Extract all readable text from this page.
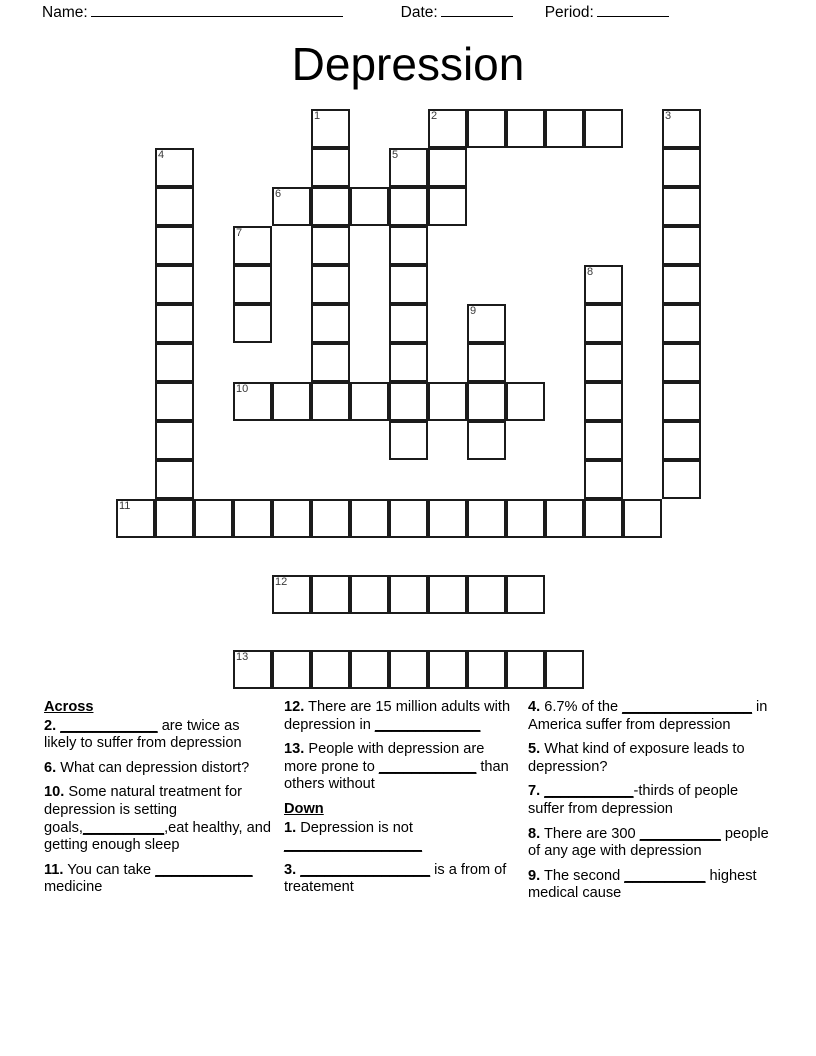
Name:	Date:	Period:
Depression
1	2	3
4	5
6
7
8
9
10
11
12
13
Across
2. ____________ are twice as likely to suffer from depression
6. What can depression distort?
10. Some natural treatment for depression is setting goals,__________,eat healthy, and getting enough sleep
11. You can take ____________ medicine
12. There are 15 million adults with depression in _____________
13. People with depression are more prone to ____________ than others without
Down
1. Depression is not _________________
3. ________________ is a from of treatement
4. 6.7% of the ________________ in America suffer from depression
5. What kind of exposure leads to depression?
7. ___________-thirds of people suffer from depression
8. There are 300 __________ people of any age with depression
9. The second __________ highest medical cause
